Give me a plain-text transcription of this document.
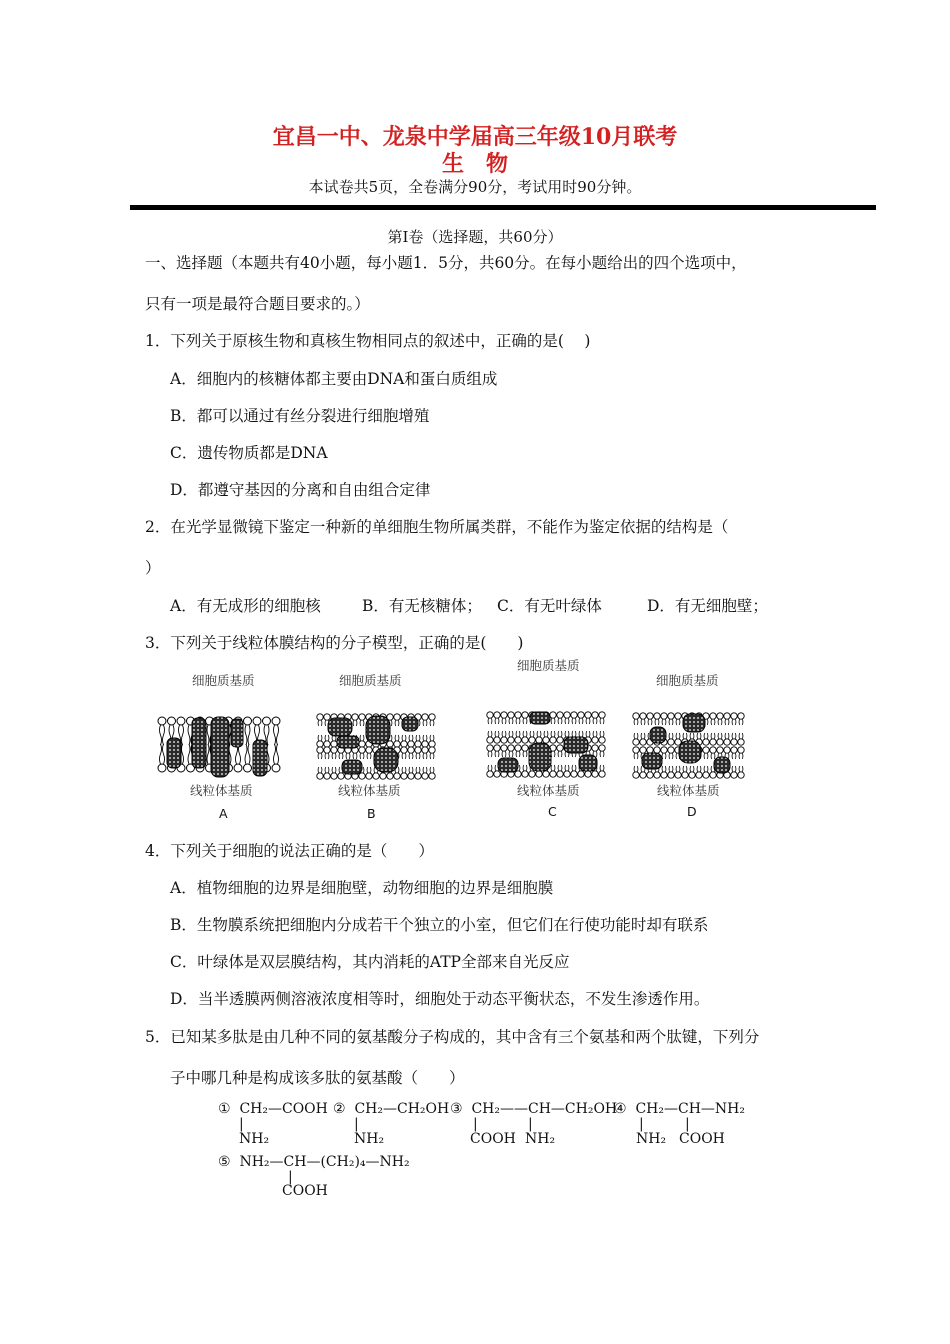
宜昌一中、龙泉中学届高三年级10月联考
生　物
本试卷共5页，全卷满分90分，考试用时90分钟。
第Ⅰ卷（选择题，共60分）
一、选择题（本题共有40小题，每小题1．5分，共60分。在每小题给出的四个选项中，
只有一项是最符合题目要求的。）
1．下列关于原核生物和真核生物相同点的叙述中，正确的是(　 )
A．细胞内的核糖体都主要由DNA和蛋白质组成
B．都可以通过有丝分裂进行细胞增殖
C．遗传物质都是DNA
D．都遵守基因的分离和自由组合定律
2．在光学显微镜下鉴定一种新的单细胞生物所属类群，不能作为鉴定依据的结构是（
）
A．有无成形的细胞核	B．有无核糖体； C．有无叶绿体	D．有无细胞壁；
3．下列关于线粒体膜结构的分子模型，正确的是(　　)
细胞质基质	细胞质基质
细胞质基质
细胞质基质
线粒体基质	线粒体基质	线粒体基质	线粒体基质
A	B	C	D
4．下列关于细胞的说法正确的是（　　）
A．植物细胞的边界是细胞壁，动物细胞的边界是细胞膜
B．生物膜系统把细胞内分成若干个独立的小室，但它们在行使功能时却有联系
C．叶绿体是双层膜结构，其内消耗的ATP全部来自光反应
D．当半透膜两侧溶液浓度相等时，细胞处于动态平衡状态，不发生渗透作用。
5．已知某多肽是由几种不同的氨基酸分子构成的，其中含有三个氨基和两个肽键，下列分
子中哪几种是构成该多肽的氨基酸（　　）
①  CH₂—COOH
|
NH₂
②  CH₂—CH₂OH
|
NH₂
③  CH₂——CH—CH₂OH
|
COOH
|
NH₂
④  CH₂—CH—NH₂
|
NH₂
|
COOH
⑤  NH₂—CH—(CH₂)₄—NH₂
|
COOH
